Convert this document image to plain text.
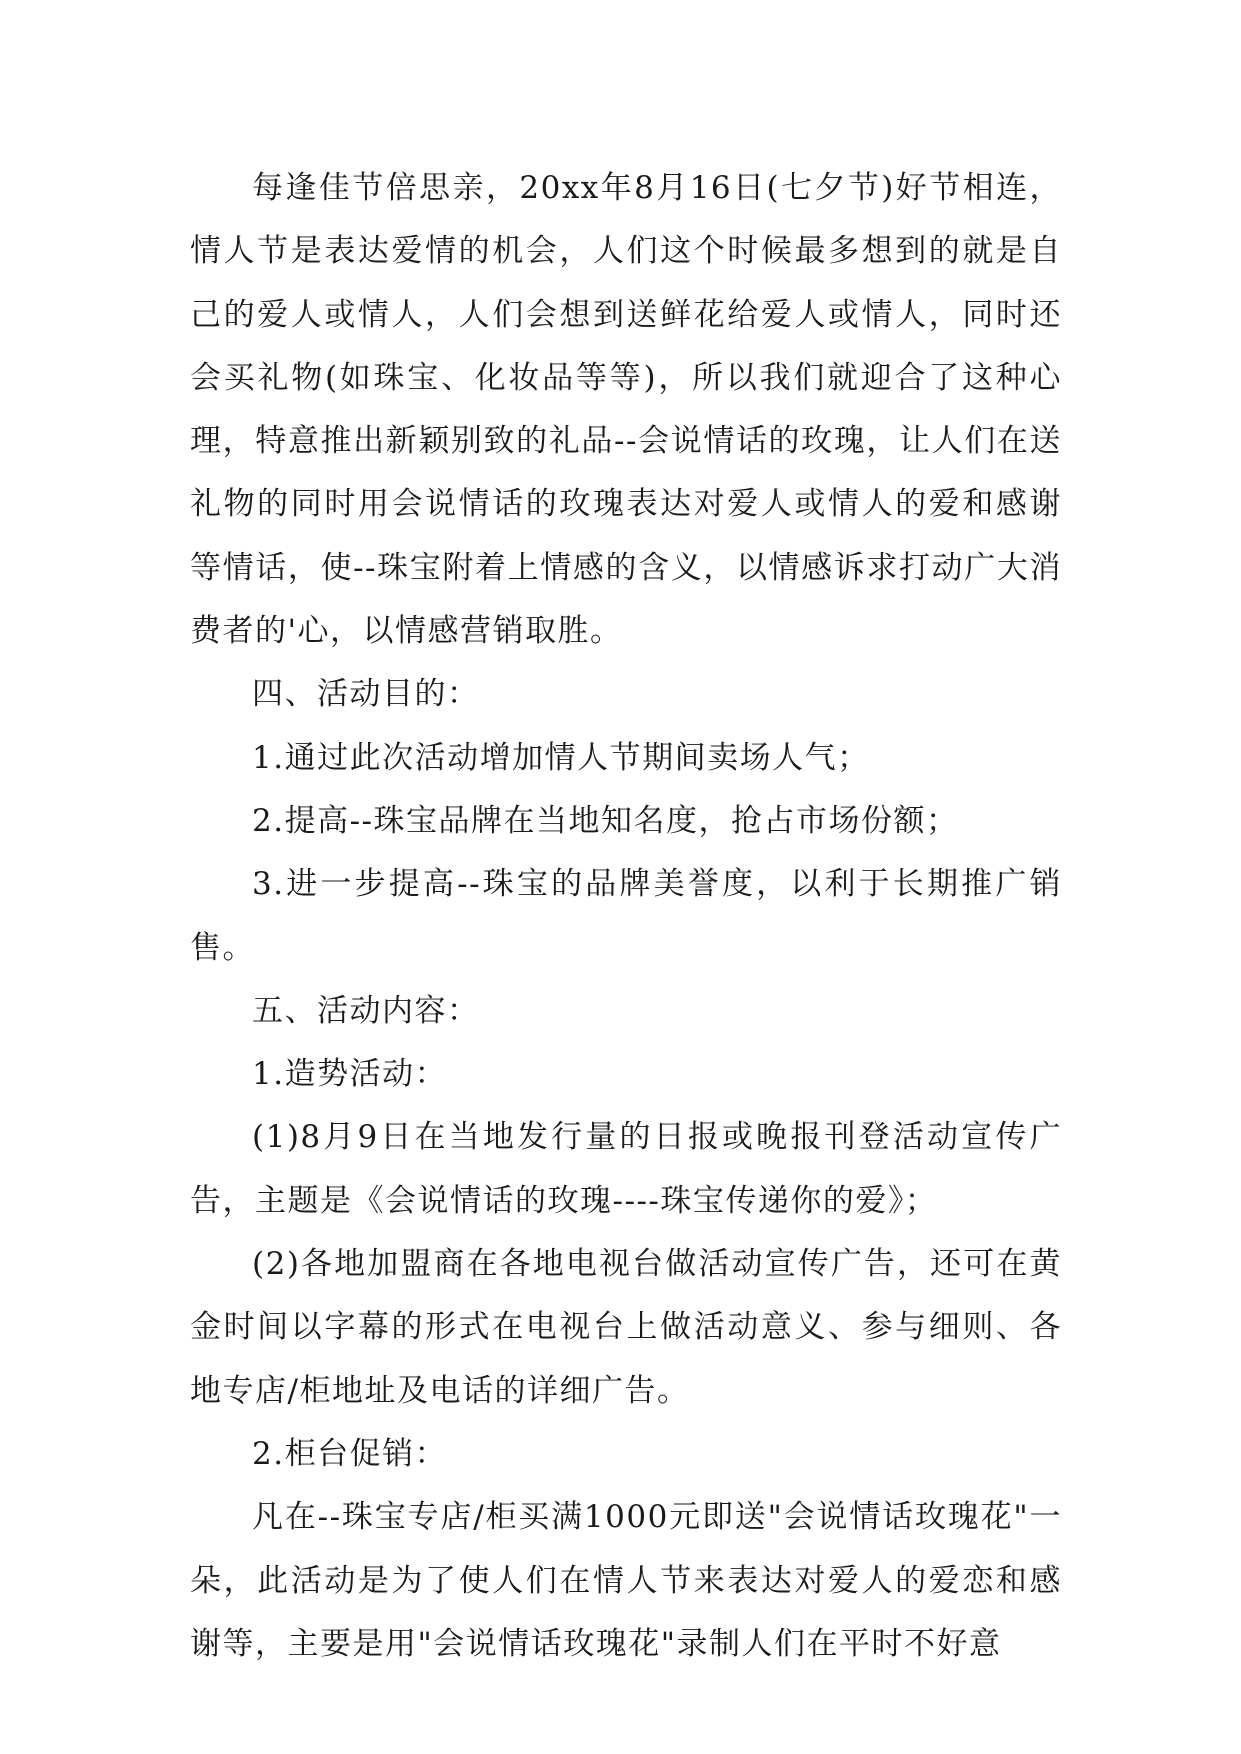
每逢佳节倍思亲，20xx年8月16日(七夕节)好节相连，情人节是表达爱情的机会，人们这个时候最多想到的就是自己的爱人或情人，人们会想到送鲜花给爱人或情人，同时还会买礼物(如珠宝、化妆品等等)，所以我们就迎合了这种心理，特意推出新颖别致的礼品--会说情话的玫瑰，让人们在送礼物的同时用会说情话的玫瑰表达对爱人或情人的爱和感谢等情话，使--珠宝附着上情感的含义，以情感诉求打动广大消费者的'心，以情感营销取胜。

四、活动目的：

1.通过此次活动增加情人节期间卖场人气；

2.提高--珠宝品牌在当地知名度，抢占市场份额；

3.进一步提高--珠宝的品牌美誉度，以利于长期推广销售。

五、活动内容：

1.造势活动：

(1)8月9日在当地发行量的日报或晚报刊登活动宣传广告，主题是《会说情话的玫瑰----珠宝传递你的爱》；

(2)各地加盟商在各地电视台做活动宣传广告，还可在黄金时间以字幕的形式在电视台上做活动意义、参与细则、各地专店/柜地址及电话的详细广告。

2.柜台促销：

凡在--珠宝专店/柜买满1000元即送"会说情话玫瑰花"一朵，此活动是为了使人们在情人节来表达对爱人的爱恋和感谢等，主要是用"会说情话玫瑰花"录制人们在平时不好意
